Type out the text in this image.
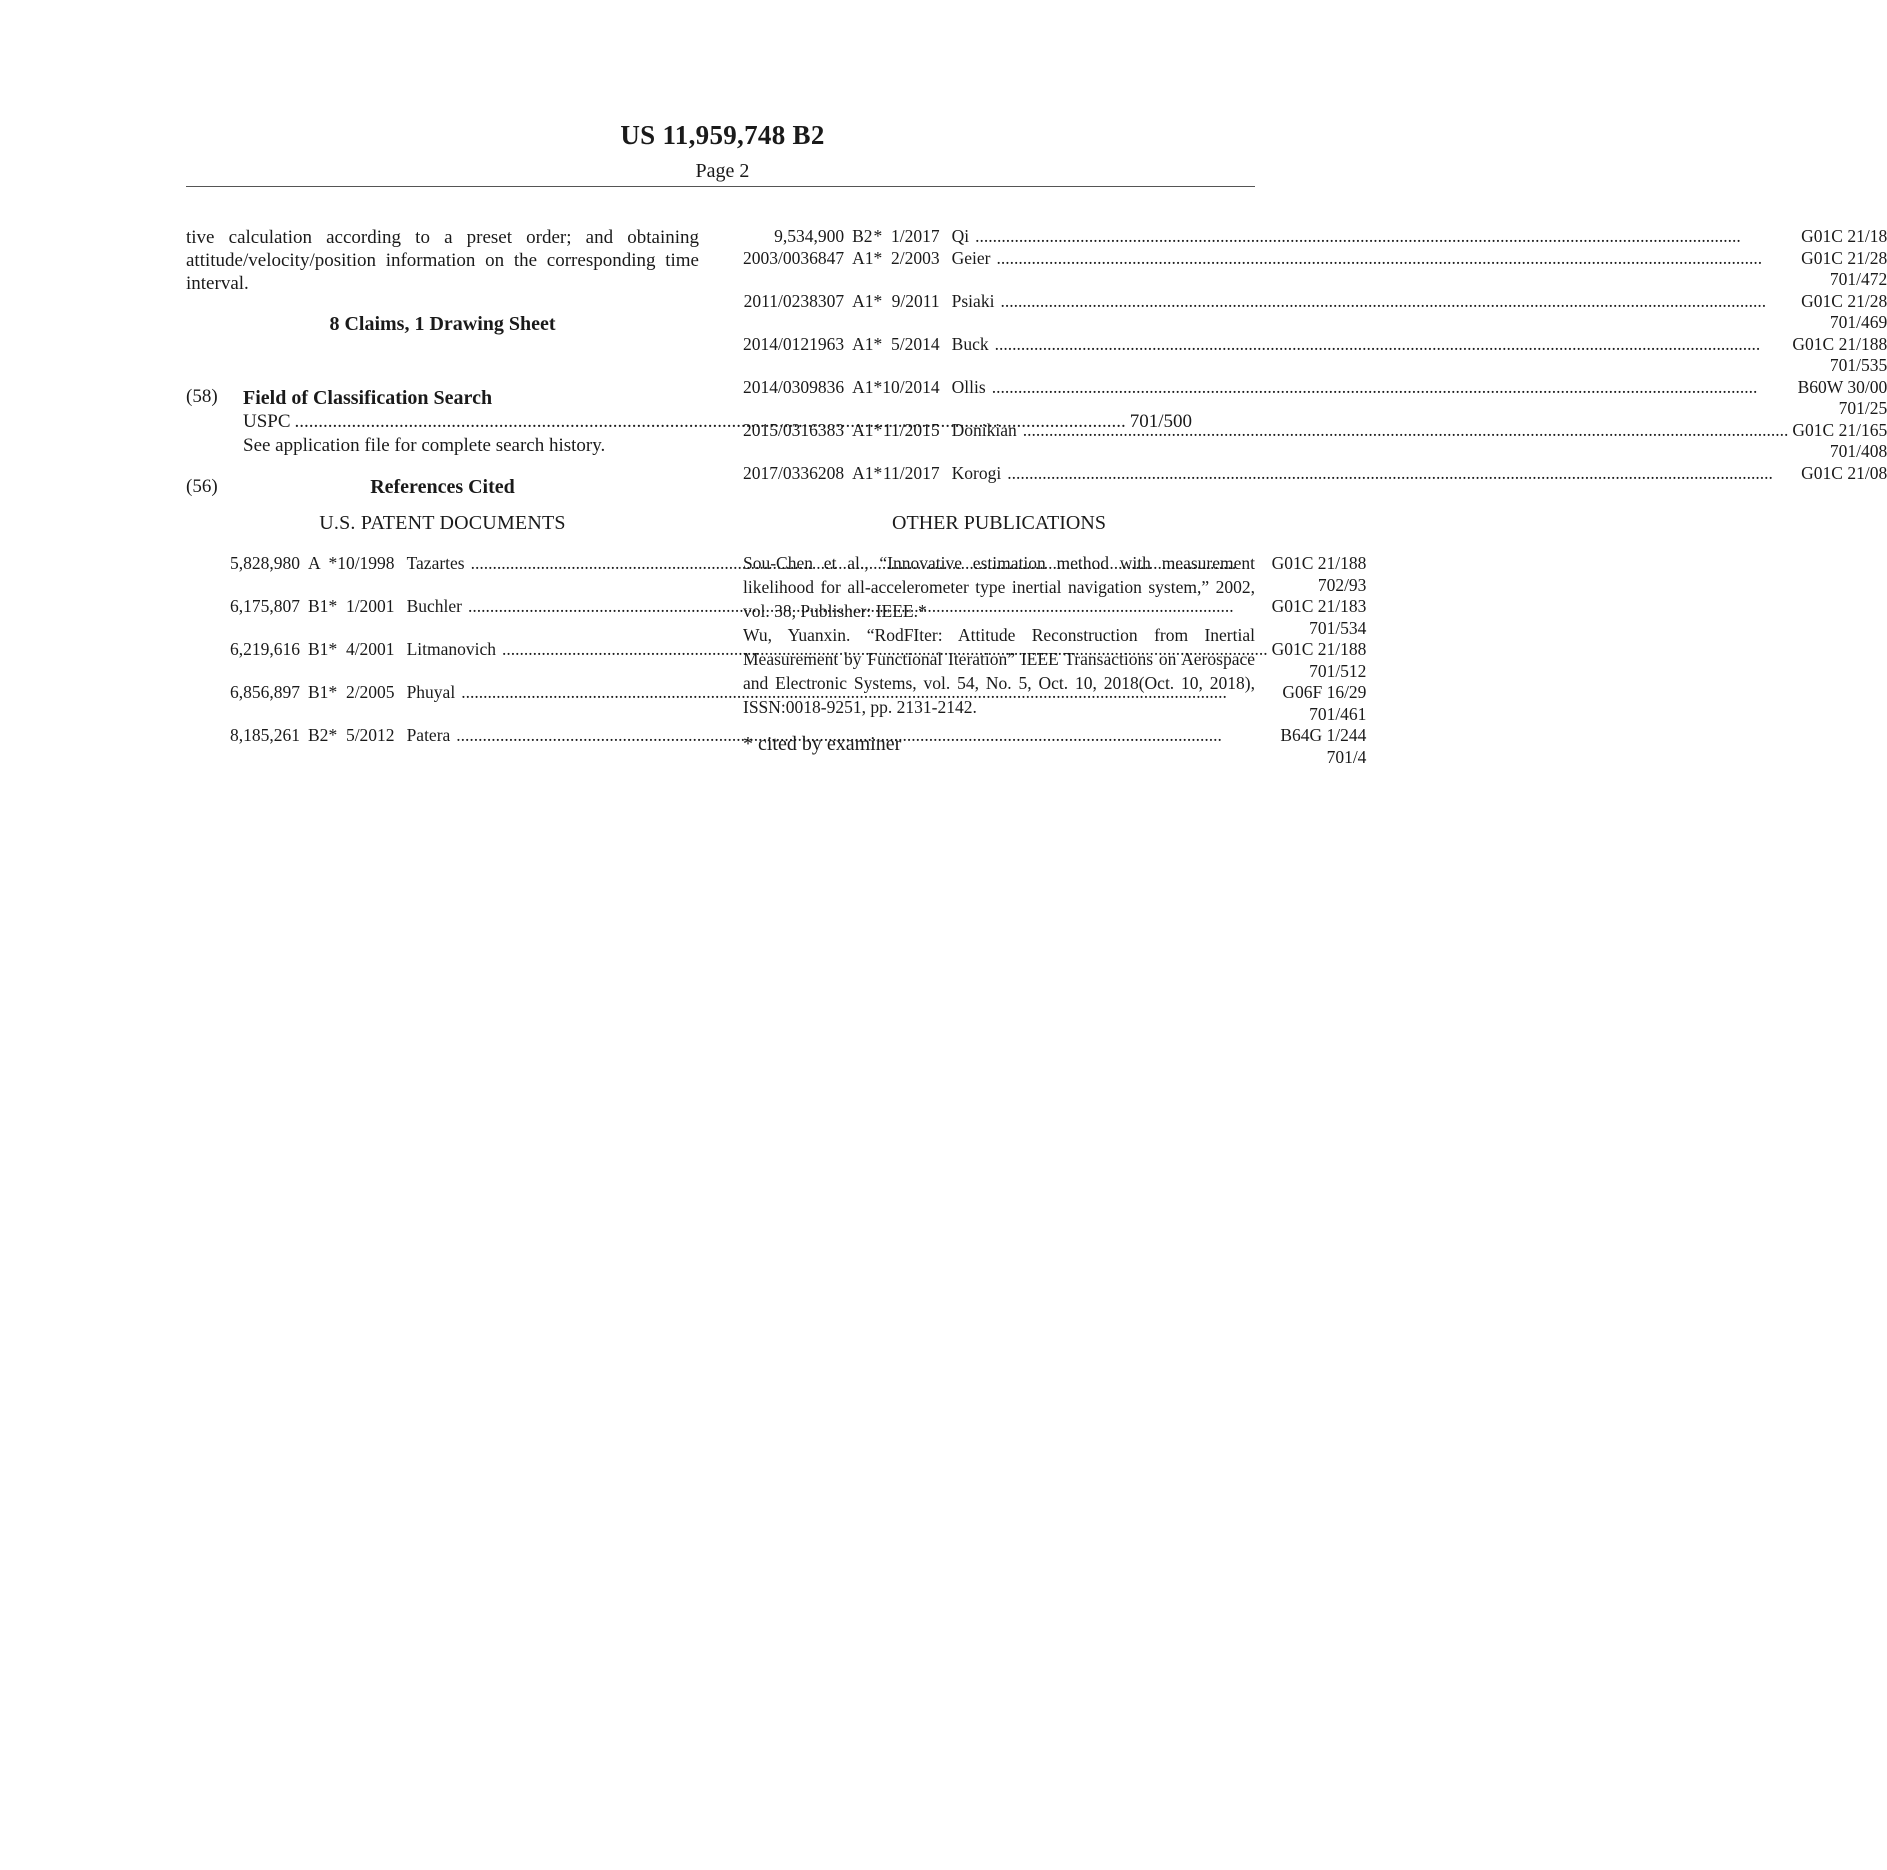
US 11,959,748 B2
Page 2

tive calculation according to a preset order; and obtaining attitude/velocity/position information on the corresponding time interval.

8 Claims, 1 Drawing Sheet
(58) Field of Classification Search
USPC .....	701/500
See application file for complete search history.
(56)	References Cited
U.S. PATENT DOCUMENTS
5,828,980	A	*	10/1998	Tazartes ..... G01C 21/188

702/93				
6,175,807	B1	*	1/2001	Buchler ..... G01C 21/183

701/534				
6,219,616	B1	*	4/2001	Litmanovich ..... G01C 21/188

701/512				
6,856,897	B1	*	2/2005	Phuyal ..... G06F 16/29

701/461				
8,185,261	B2	*	5/2012	Patera ..... B64G 1/244

701/4				
9,534,900	B2	*	1/2017	Qi ..... G01C 21/18

2003/0036847	A1	*	2/2003	Geier ..... G01C 21/28

701/472				
2011/0238307	A1	*	9/2011	Psiaki ..... G01C 21/28

701/469				
2014/0121963	A1	*	5/2014	Buck ..... G01C 21/188

701/535				
2014/0309836	A1	*	10/2014	Ollis ..... B60W 30/00

701/25				
2015/0316383	A1	*	11/2015	Donikian ..... G01C 21/165

701/408				
2017/0336208	A1	*	11/2017	Korogi ..... G01C 21/08
OTHER PUBLICATIONS

Sou-Chen et al., “Innovative estimation method with measurement likelihood for all-accelerometer type inertial navigation system,” 2002, vol. 38, Publisher: IEEE.*

Wu, Yuanxin. “RodFIter: Attitude Reconstruction from Inertial Measurement by Functional Iteration” IEEE Transactions on Aerospace and Electronic Systems, vol. 54, No. 5, Oct. 10, 2018(Oct. 10, 2018), ISSN:0018-9251, pp. 2131-2142.

* cited by examiner
